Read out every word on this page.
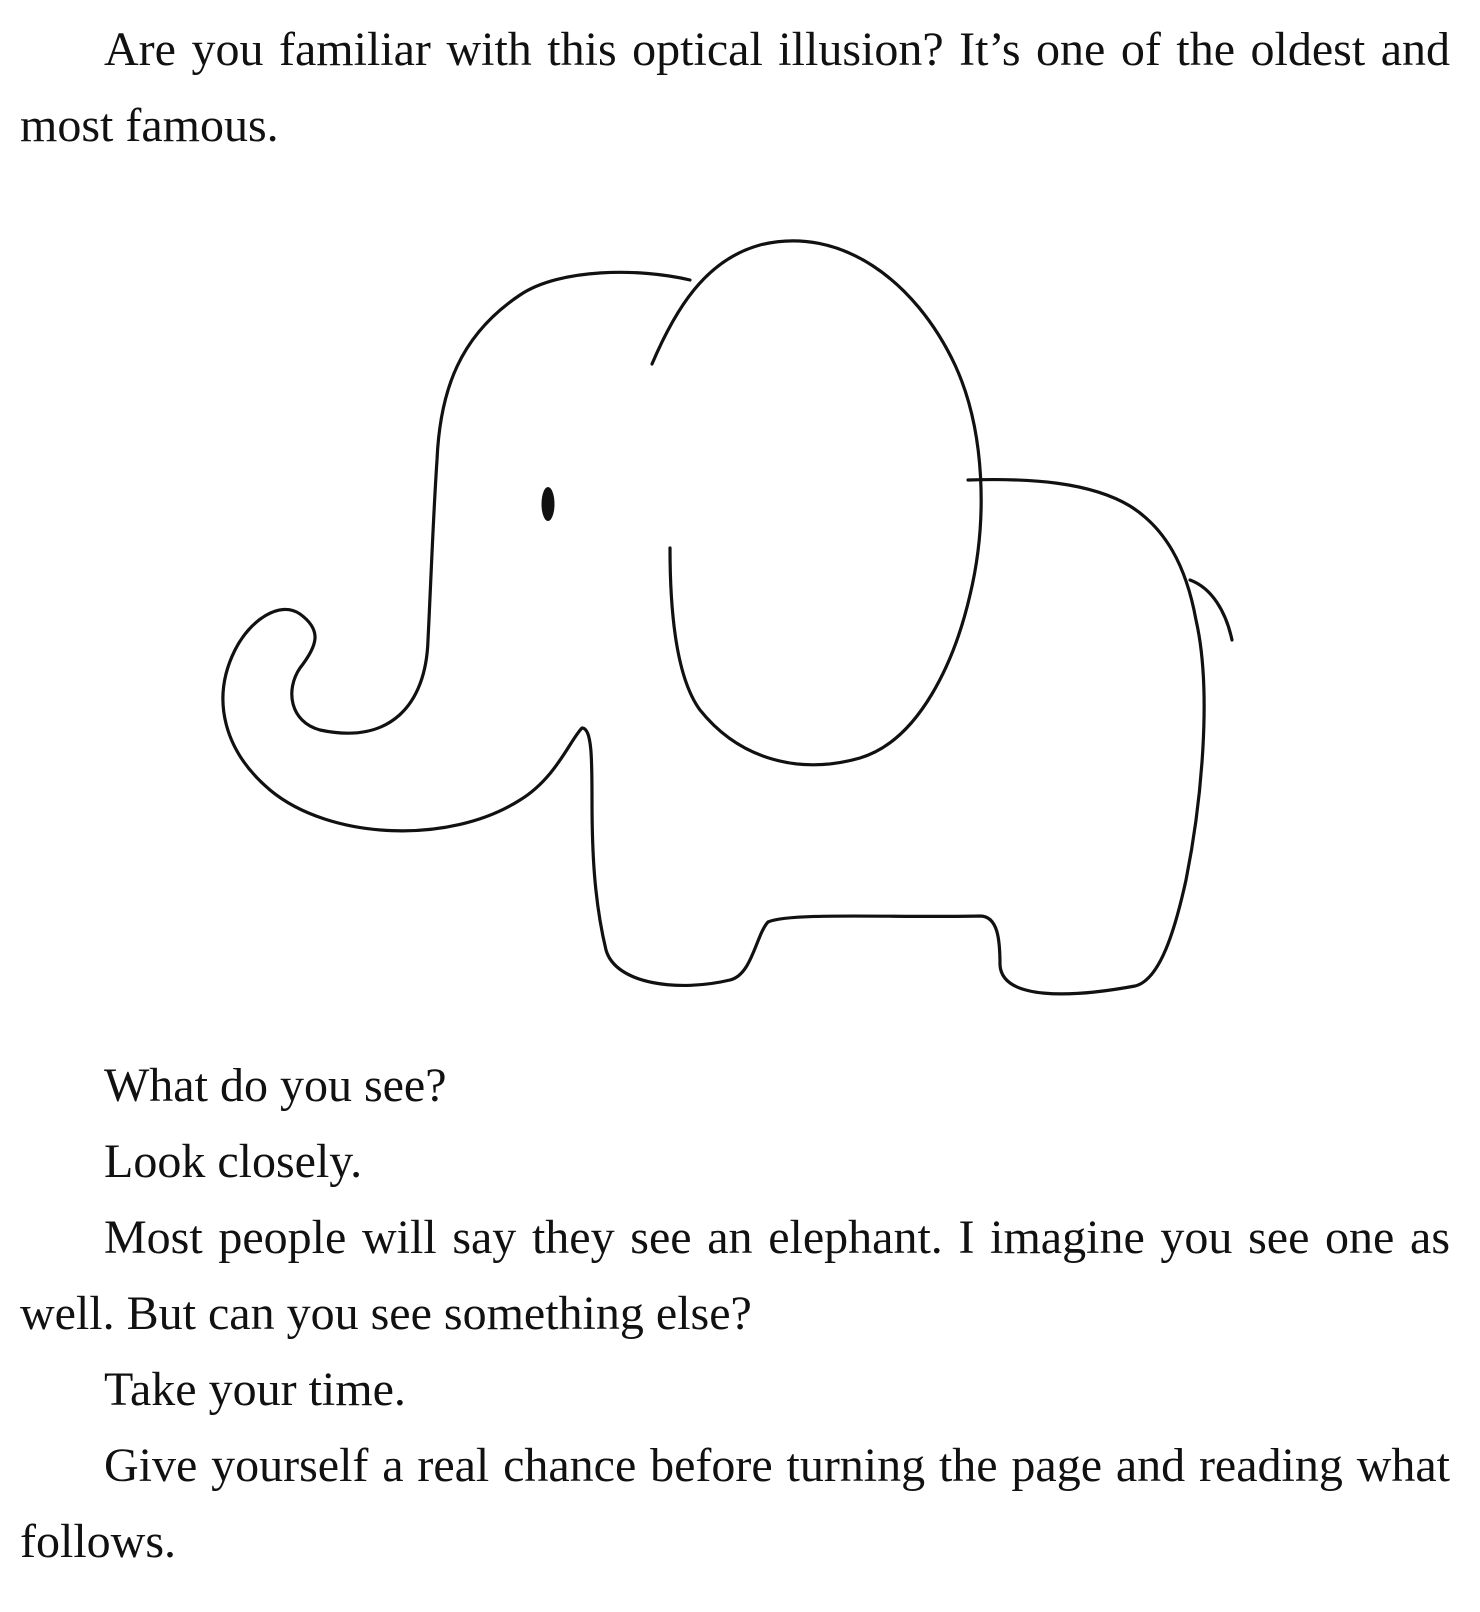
Are you familiar with this optical illusion? It’s one of the oldest and most famous.

What do you see?

Look closely.

Most people will say they see an elephant. I imagine you see one as well. But can you see something else?

Take your time.

Give yourself a real chance before turning the page and reading what follows.
